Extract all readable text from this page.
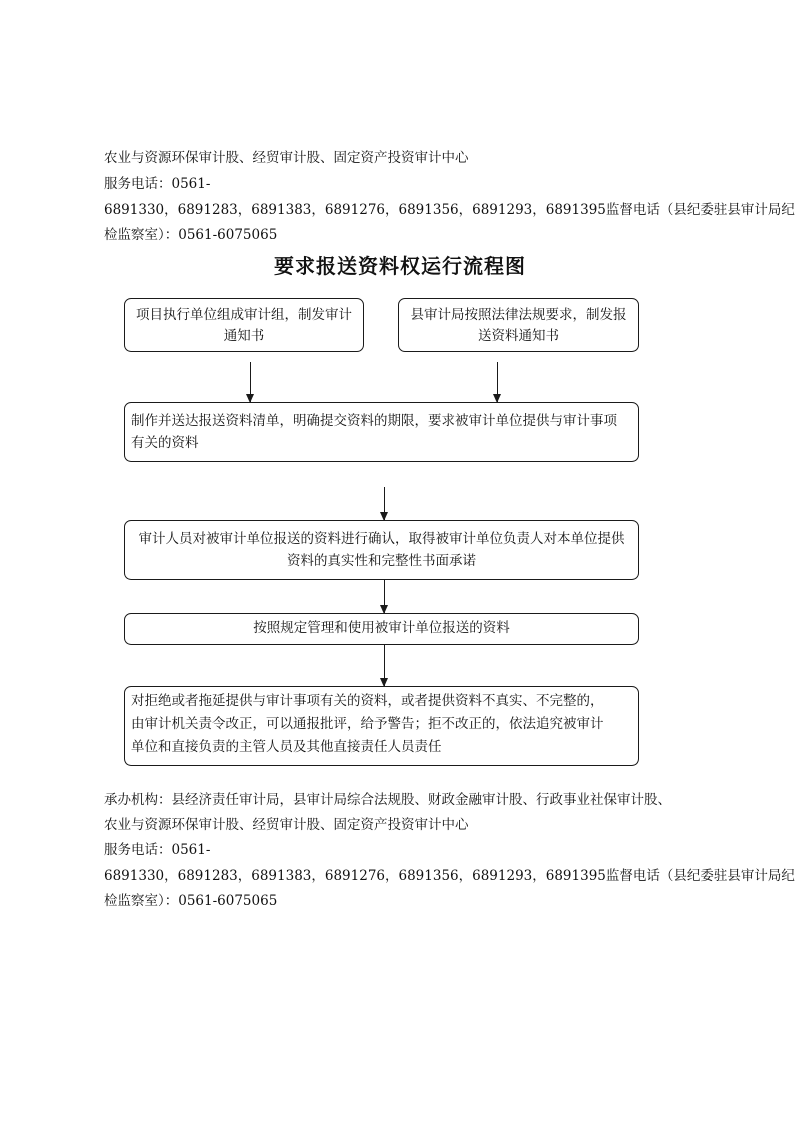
农业与资源环保审计股、经贸审计股、固定资产投资审计中心
服务电话：0561-
6891330，6891283，6891383，6891276，6891356，6891293，6891395监督电话（县纪委驻县审计局纪
检监察室）：0561-6075065
要求报送资料权运行流程图
项目执行单位组成审计组，制发审计
通知书
县审计局按照法律法规要求，制发报
送资料通知书
制作并送达报送资料清单，明确提交资料的期限，要求被审计单位提供与审计事项
有关的资料
审计人员对被审计单位报送的资料进行确认，取得被审计单位负责人对本单位提供
资料的真实性和完整性书面承诺
按照规定管理和使用被审计单位报送的资料
对拒绝或者拖延提供与审计事项有关的资料，或者提供资料不真实、不完整的，
由审计机关责令改正，可以通报批评，给予警告；拒不改正的，依法追究被审计
单位和直接负责的主管人员及其他直接责任人员责任
承办机构：县经济责任审计局，县审计局综合法规股、财政金融审计股、行政事业社保审计股、
农业与资源环保审计股、经贸审计股、固定资产投资审计中心
服务电话：0561-
6891330，6891283，6891383，6891276，6891356，6891293，6891395监督电话（县纪委驻县审计局纪
检监察室）：0561-6075065
